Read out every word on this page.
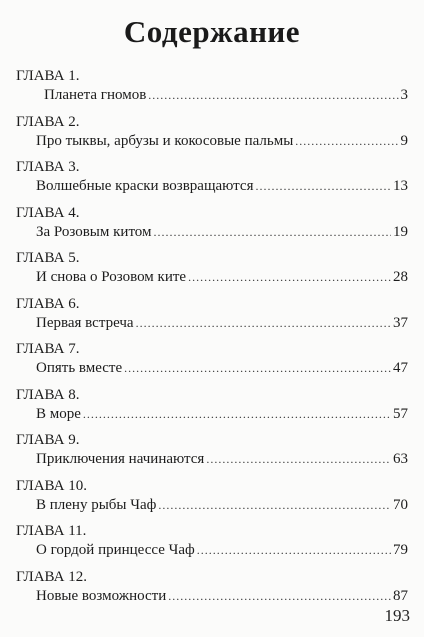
Содержание
ГЛАВА 1.
Планета гномов .....	3
ГЛАВА 2.
Про тыквы, арбузы и кокосовые пальмы .....	9
ГЛАВА 3.
Волшебные краски возвращаются .....	13
ГЛАВА 4.
За Розовым китом .....	19
ГЛАВА 5.
И снова о Розовом ките .....	28
ГЛАВА 6.
Первая встреча .....	37
ГЛАВА 7.
Опять вместе .....	47
ГЛАВА 8.
В море .....	57
ГЛАВА 9.
Приключения начинаются .....	63
ГЛАВА 10.
В плену рыбы Чаф .....	70
ГЛАВА 11.
О гордой принцессе Чаф .....	79
ГЛАВА 12.
Новые возможности .....	87
193
